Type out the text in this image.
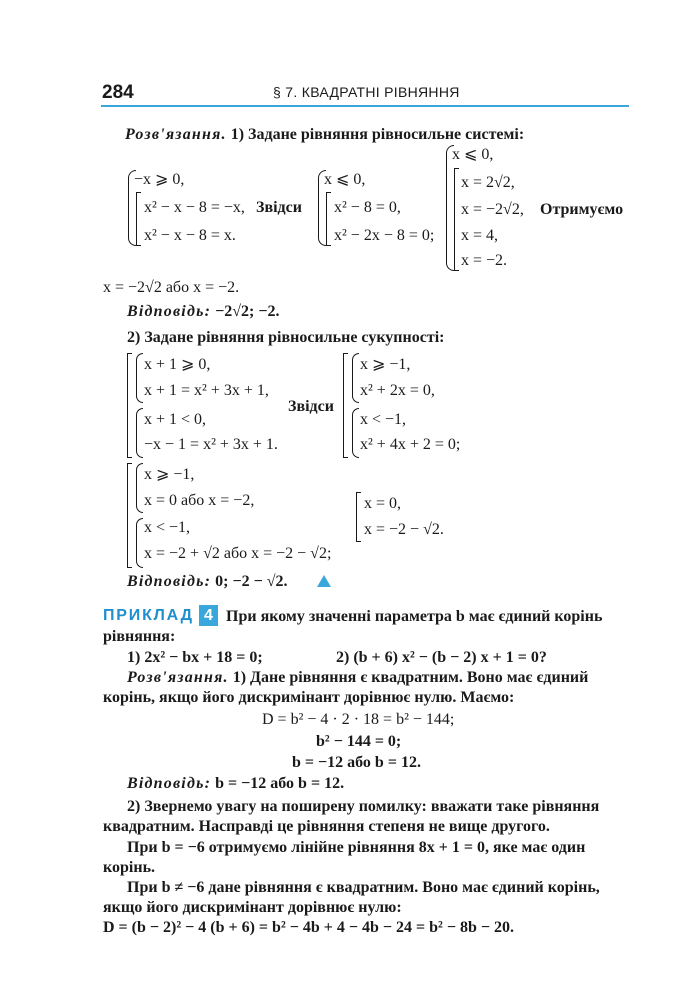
284	§ 7. КВАДРАТНІ РІВНЯННЯ
Розв'язання. 1) Задане рівняння рівносильне системі:
−x ⩾ 0,
x² − x − 8 = −x,
x² − x − 8 = x.
Звідси
x ⩽ 0,
x² − 8 = 0,
x² − 2x − 8 = 0;
x ⩽ 0,
x = 2√2,
x = −2√2,
x = 4,
x = −2.
Отримуємо
x = −2√2 або x = −2.
Відповідь: −2√2; −2.
2) Задане рівняння рівносильне сукупності:
x + 1 ⩾ 0,
x + 1 = x² + 3x + 1,
x + 1 < 0,
−x − 1 = x² + 3x + 1.
Звідси
x ⩾ −1,
x² + 2x = 0,
x < −1,
x² + 4x + 2 = 0;
x ⩾ −1,
x = 0 або x = −2,
x < −1,
x = −2 + √2 або x = −2 − √2;
x = 0,
x = −2 − √2.
Відповідь: 0; −2 − √2.
ПРИКЛАД 4 При якому значенні параметра b має єдиний корінь
рівняння:
1) 2x² − bx + 18 = 0;	2) (b + 6) x² − (b − 2) x + 1 = 0?
Розв'язання. 1) Дане рівняння є квадратним. Воно має єдиний
корінь, якщо його дискримінант дорівнює нулю. Маємо:
D = b² − 4 · 2 · 18 = b² − 144;
b² − 144 = 0;
b = −12 або b = 12.
Відповідь: b = −12 або b = 12.
2) Звернемо увагу на поширену помилку: вважати таке рівняння
квадратним. Насправді це рівняння степеня не вище другого.
При b = −6 отримуємо лінійне рівняння 8x + 1 = 0, яке має один
корінь.
При b ≠ −6 дане рівняння є квадратним. Воно має єдиний корінь,
якщо його дискримінант дорівнює нулю:
D = (b − 2)² − 4 (b + 6) = b² − 4b + 4 − 4b − 24 = b² − 8b − 20.
